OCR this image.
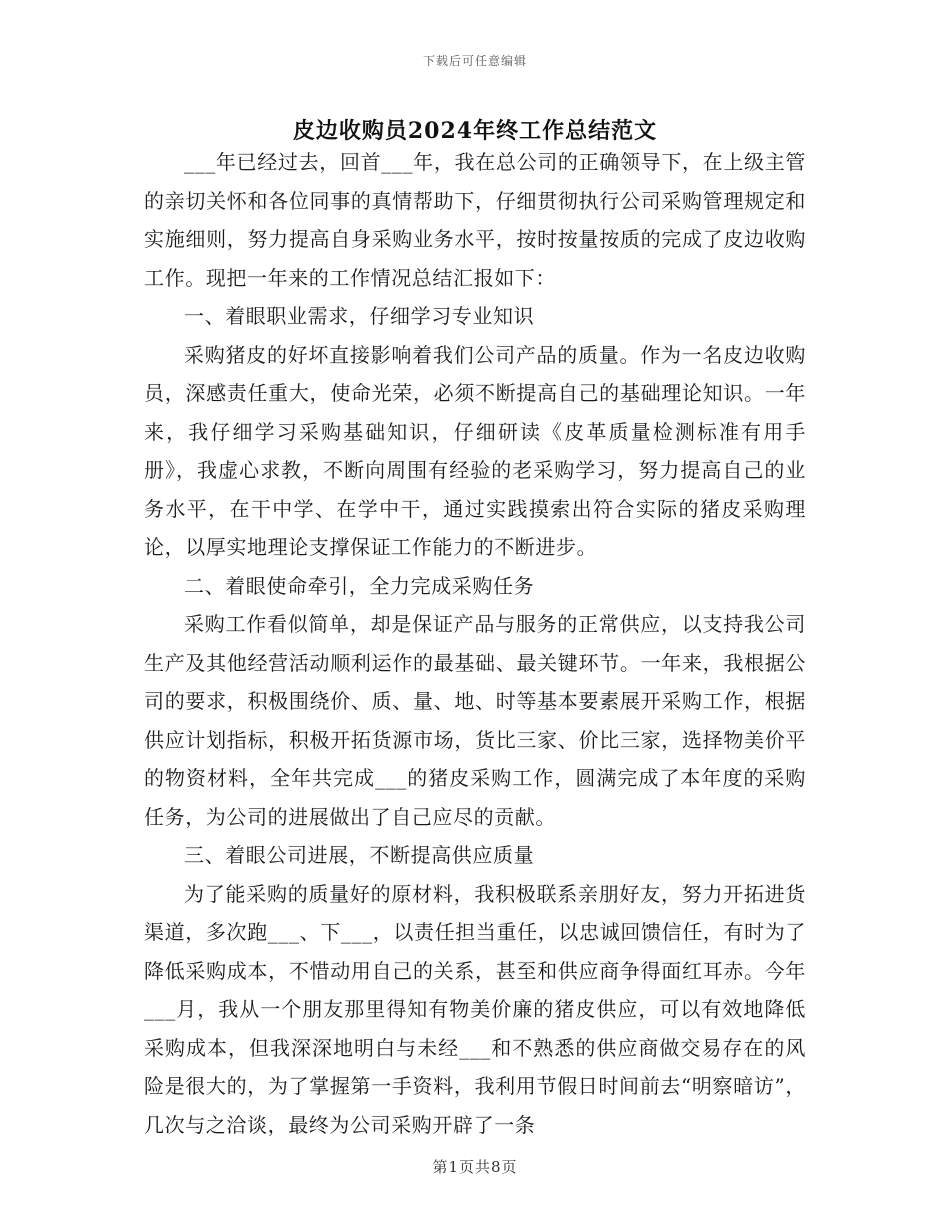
下载后可任意编辑
皮边收购员2024年终工作总结范文

___年已经过去，回首___年，我在总公司的正确领导下，在上级主管的亲切关怀和各位同事的真情帮助下，仔细贯彻执行公司采购管理规定和实施细则，努力提高自身采购业务水平，按时按量按质的完成了皮边收购工作。现把一年来的工作情况总结汇报如下：

一、着眼职业需求，仔细学习专业知识

采购猪皮的好坏直接影响着我们公司产品的质量。作为一名皮边收购员，深感责任重大，使命光荣，必须不断提高自己的基础理论知识。一年来，我仔细学习采购基础知识，仔细研读《皮革质量检测标准有用手册》，我虚心求教，不断向周围有经验的老采购学习，努力提高自己的业务水平，在干中学、在学中干，通过实践摸索出符合实际的猪皮采购理论，以厚实地理论支撑保证工作能力的不断进步。

二、着眼使命牵引，全力完成采购任务

采购工作看似简单，却是保证产品与服务的正常供应，以支持我公司生产及其他经营活动顺利运作的最基础、最关键环节。一年来，我根据公司的要求，积极围绕价、质、量、地、时等基本要素展开采购工作，根据供应计划指标，积极开拓货源市场，货比三家、价比三家，选择物美价平的物资材料，全年共完成___的猪皮采购工作，圆满完成了本年度的采购任务，为公司的进展做出了自己应尽的贡献。

三、着眼公司进展，不断提高供应质量

为了能采购的质量好的原材料，我积极联系亲朋好友，努力开拓进货渠道，多次跑___、下___，以责任担当重任，以忠诚回馈信任，有时为了降低采购成本，不惜动用自己的关系，甚至和供应商争得面红耳赤。今年___月，我从一个朋友那里得知有物美价廉的猪皮供应，可以有效地降低采购成本，但我深深地明白与未经___和不熟悉的供应商做交易存在的风险是很大的，为了掌握第一手资料，我利用节假日时间前去“明察暗访”，几次与之洽谈，最终为公司采购开辟了一条

第1页共8页
